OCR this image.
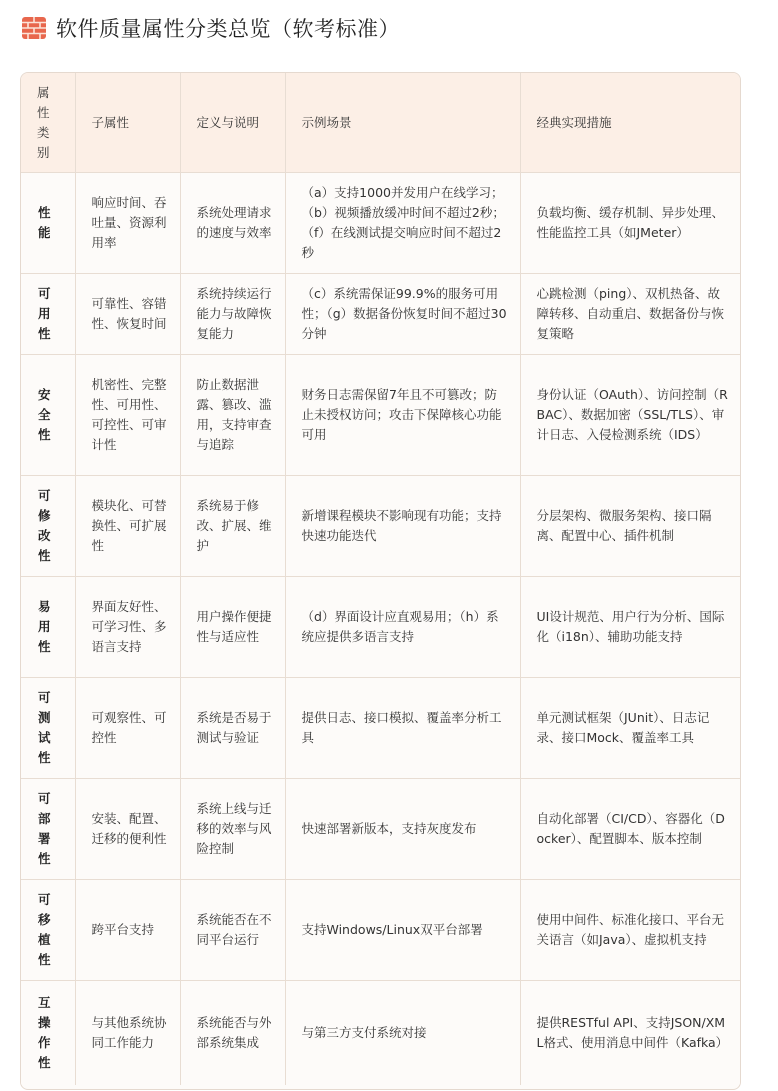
软件质量属性分类总览（软考标准）
属性类别	子属性	定义与说明	示例场景	经典实现措施

性能	响应时间、吞吐量、资源利用率	系统处理请求的速度与效率	（a）支持1000并发用户在线学习；（b）视频播放缓冲时间不超过2秒；（f）在线测试提交响应时间不超过2秒	负载均衡、缓存机制、异步处理、性能监控工具（如JMeter）

可用性	可靠性、容错性、恢复时间	系统持续运行能力与故障恢复能力	（c）系统需保证99.9%的服务可用性；（g）数据备份恢复时间不超过30分钟	心跳检测（ping）、双机热备、故障转移、自动重启、数据备份与恢复策略

安全性	机密性、完整性、可用性、可控性、可审计性	防止数据泄露、篡改、滥用，支持审查与追踪	财务日志需保留7年且不可篡改；防止未授权访问；攻击下保障核心功能可用	身份认证（OAuth）、访问控制（RBAC）、数据加密（SSL/TLS）、审计日志、入侵检测系统（IDS）

可修改性	模块化、可替换性、可扩展性	系统易于修改、扩展、维护	新增课程模块不影响现有功能；支持快速功能迭代	分层架构、微服务架构、接口隔离、配置中心、插件机制

易用性	界面友好性、可学习性、多语言支持	用户操作便捷性与适应性	（d）界面设计应直观易用；（h）系统应提供多语言支持	UI设计规范、用户行为分析、国际化（i18n）、辅助功能支持

可测试性	可观察性、可控性	系统是否易于测试与验证	提供日志、接口模拟、覆盖率分析工具	单元测试框架（JUnit）、日志记录、接口Mock、覆盖率工具

可部署性	安装、配置、迁移的便利性	系统上线与迁移的效率与风险控制	快速部署新版本，支持灰度发布	自动化部署（CI/CD）、容器化（Docker）、配置脚本、版本控制

可移植性	跨平台支持	系统能否在不同平台运行	支持Windows/Linux双平台部署	使用中间件、标准化接口、平台无关语言（如Java）、虚拟机支持

互操作性	与其他系统协同工作能力	系统能否与外部系统集成	与第三方支付系统对接	提供RESTful API、支持JSON/XML格式、使用消息中间件（Kafka）
